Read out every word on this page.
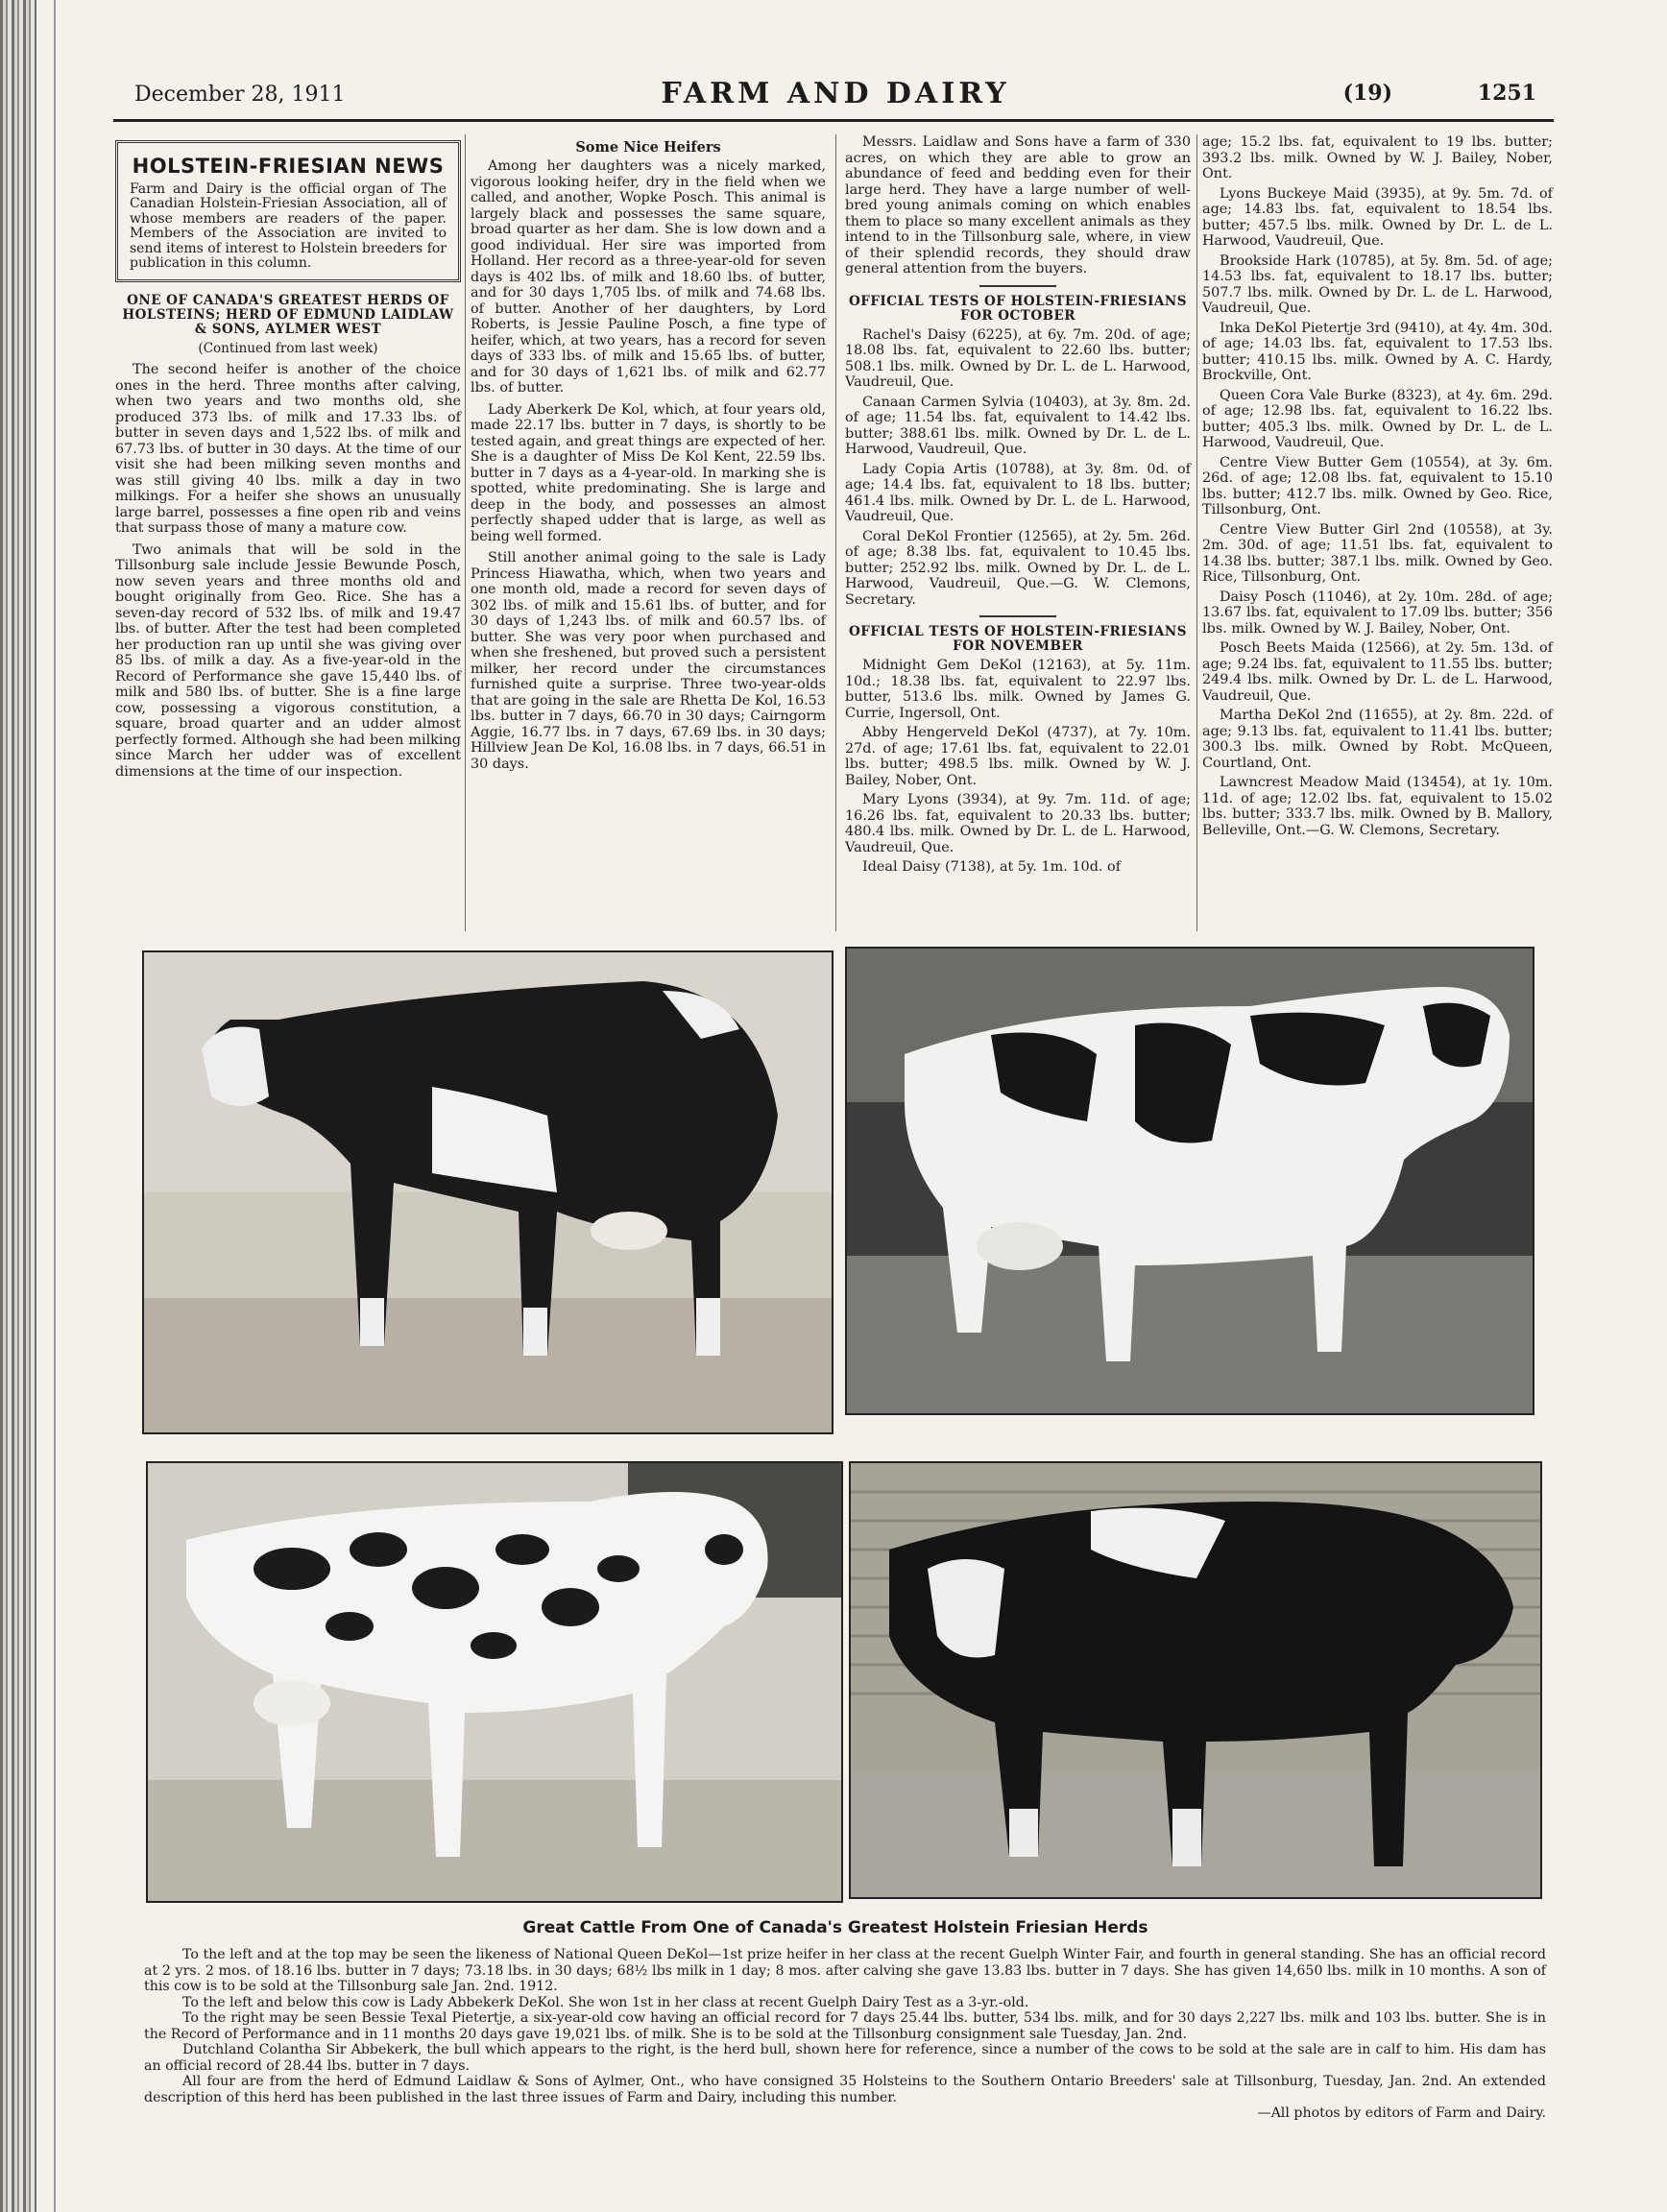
December 28, 1911	FARM AND DAIRY	(19)	1251
HOLSTEIN-FRIESIAN NEWS
Farm and Dairy is the official organ of The Canadian Holstein-Friesian Association, all of whose members are readers of the paper. Members of the Association are invited to send items of interest to Holstein breeders for publication in this column.
ONE OF CANADA'S GREATEST HERDS OF HOLSTEINS; HERD OF EDMUND LAIDLAW & SONS, AYLMER WEST
(Continued from last week)

The second heifer is another of the choice ones in the herd. Three months after calving, when two years and two months old, she produced 373 lbs. of milk and 17.33 lbs. of butter in seven days and 1,522 lbs. of milk and 67.73 lbs. of butter in 30 days. At the time of our visit she had been milking seven months and was still giving 40 lbs. milk a day in two milkings. For a heifer she shows an unusually large barrel, possesses a fine open rib and veins that surpass those of many a mature cow.

Two animals that will be sold in the Tillsonburg sale include Jessie Bewunde Posch, now seven years and three months old and bought originally from Geo. Rice. She has a seven-day record of 532 lbs. of milk and 19.47 lbs. of butter. After the test had been completed her production ran up until she was giving over 85 lbs. of milk a day. As a five-year-old in the Record of Performance she gave 15,440 lbs. of milk and 580 lbs. of butter. She is a fine large cow, possessing a vigorous constitution, a square, broad quarter and an udder almost perfectly formed. Although she had been milking since March her udder was of excellent dimensions at the time of our inspection.

Some Nice Heifers

Among her daughters was a nicely marked, vigorous looking heifer, dry in the field when we called, and another, Wopke Posch. This animal is largely black and possesses the same square, broad quarter as her dam. She is low down and a good individual. Her sire was imported from Holland. Her record as a three-year-old for seven days is 402 lbs. of milk and 18.60 lbs. of butter, and for 30 days 1,705 lbs. of milk and 74.68 lbs. of butter. Another of her daughters, by Lord Roberts, is Jessie Pauline Posch, a fine type of heifer, which, at two years, has a record for seven days of 333 lbs. of milk and 15.65 lbs. of butter, and for 30 days of 1,621 lbs. of milk and 62.77 lbs. of butter.

Lady Aberkerk De Kol, which, at four years old, made 22.17 lbs. butter in 7 days, is shortly to be tested again, and great things are expected of her. She is a daughter of Miss De Kol Kent, 22.59 lbs. butter in 7 days as a 4-year-old. In marking she is spotted, white predominating. She is large and deep in the body, and possesses an almost perfectly shaped udder that is large, as well as being well formed.

Still another animal going to the sale is Lady Princess Hiawatha, which, when two years and one month old, made a record for seven days of 302 lbs. of milk and 15.61 lbs. of butter, and for 30 days of 1,243 lbs. of milk and 60.57 lbs. of butter. She was very poor when purchased and when she freshened, but proved such a persistent milker, her record under the circumstances furnished quite a surprise. Three two-year-olds that are going in the sale are Rhetta De Kol, 16.53 lbs. butter in 7 days, 66.70 in 30 days; Cairngorm Aggie, 16.77 lbs. in 7 days, 67.69 lbs. in 30 days; Hillview Jean De Kol, 16.08 lbs. in 7 days, 66.51 in 30 days.

Messrs. Laidlaw and Sons have a farm of 330 acres, on which they are able to grow an abundance of feed and bedding even for their large herd. They have a large number of well-bred young animals coming on which enables them to place so many excellent animals as they intend to in the Tillsonburg sale, where, in view of their splendid records, they should draw general attention from the buyers.

OFFICIAL TESTS OF HOLSTEIN-FRIESIANS FOR OCTOBER

Rachel's Daisy (6225), at 6y. 7m. 20d. of age; 18.08 lbs. fat, equivalent to 22.60 lbs. butter; 508.1 lbs. milk. Owned by Dr. L. de L. Harwood, Vaudreuil, Que.

Canaan Carmen Sylvia (10403), at 3y. 8m. 2d. of age; 11.54 lbs. fat, equivalent to 14.42 lbs. butter; 388.61 lbs. milk. Owned by Dr. L. de L. Harwood, Vaudreuil, Que.

Lady Copia Artis (10788), at 3y. 8m. 0d. of age; 14.4 lbs. fat, equivalent to 18 lbs. butter; 461.4 lbs. milk. Owned by Dr. L. de L. Harwood, Vaudreuil, Que.

Coral DeKol Frontier (12565), at 2y. 5m. 26d. of age; 8.38 lbs. fat, equivalent to 10.45 lbs. butter; 252.92 lbs. milk. Owned by Dr. L. de L. Harwood, Vaudreuil, Que.—G. W. Clemons, Secretary.

OFFICIAL TESTS OF HOLSTEIN-FRIESIANS FOR NOVEMBER

Midnight Gem DeKol (12163), at 5y. 11m. 10d.; 18.38 lbs. fat, equivalent to 22.97 lbs. butter, 513.6 lbs. milk. Owned by James G. Currie, Ingersoll, Ont.

Abby Hengerveld DeKol (4737), at 7y. 10m. 27d. of age; 17.61 lbs. fat, equivalent to 22.01 lbs. butter; 498.5 lbs. milk. Owned by W. J. Bailey, Nober, Ont.

Mary Lyons (3934), at 9y. 7m. 11d. of age; 16.26 lbs. fat, equivalent to 20.33 lbs. butter; 480.4 lbs. milk. Owned by Dr. L. de L. Harwood, Vaudreuil, Que.

Ideal Daisy (7138), at 5y. 1m. 10d. of

age; 15.2 lbs. fat, equivalent to 19 lbs. butter; 393.2 lbs. milk. Owned by W. J. Bailey, Nober, Ont.

Lyons Buckeye Maid (3935), at 9y. 5m. 7d. of age; 14.83 lbs. fat, equivalent to 18.54 lbs. butter; 457.5 lbs. milk. Owned by Dr. L. de L. Harwood, Vaudreuil, Que.

Brookside Hark (10785), at 5y. 8m. 5d. of age; 14.53 lbs. fat, equivalent to 18.17 lbs. butter; 507.7 lbs. milk. Owned by Dr. L. de L. Harwood, Vaudreuil, Que.

Inka DeKol Pietertje 3rd (9410), at 4y. 4m. 30d. of age; 14.03 lbs. fat, equivalent to 17.53 lbs. butter; 410.15 lbs. milk. Owned by A. C. Hardy, Brockville, Ont.

Queen Cora Vale Burke (8323), at 4y. 6m. 29d. of age; 12.98 lbs. fat, equivalent to 16.22 lbs. butter; 405.3 lbs. milk. Owned by Dr. L. de L. Harwood, Vaudreuil, Que.

Centre View Butter Gem (10554), at 3y. 6m. 26d. of age; 12.08 lbs. fat, equivalent to 15.10 lbs. butter; 412.7 lbs. milk. Owned by Geo. Rice, Tillsonburg, Ont.

Centre View Butter Girl 2nd (10558), at 3y. 2m. 30d. of age; 11.51 lbs. fat, equivalent to 14.38 lbs. butter; 387.1 lbs. milk. Owned by Geo. Rice, Tillsonburg, Ont.

Daisy Posch (11046), at 2y. 10m. 28d. of age; 13.67 lbs. fat, equivalent to 17.09 lbs. butter; 356 lbs. milk. Owned by W. J. Bailey, Nober, Ont.

Posch Beets Maida (12566), at 2y. 5m. 13d. of age; 9.24 lbs. fat, equivalent to 11.55 lbs. butter; 249.4 lbs. milk. Owned by Dr. L. de L. Harwood, Vaudreuil, Que.

Martha DeKol 2nd (11655), at 2y. 8m. 22d. of age; 9.13 lbs. fat, equivalent to 11.41 lbs. butter; 300.3 lbs. milk. Owned by Robt. McQueen, Courtland, Ont.

Lawncrest Meadow Maid (13454), at 1y. 10m. 11d. of age; 12.02 lbs. fat, equivalent to 15.02 lbs. butter; 333.7 lbs. milk. Owned by B. Mallory, Belleville, Ont.—G. W. Clemons, Secretary.

Great Cattle From One of Canada's Greatest Holstein Friesian Herds

To the left and at the top may be seen the likeness of National Queen DeKol—1st prize heifer in her class at the recent Guelph Winter Fair, and fourth in general standing. She has an official record at 2 yrs. 2 mos. of 18.16 lbs. butter in 7 days; 73.18 lbs. in 30 days; 68½ lbs milk in 1 day; 8 mos. after calving she gave 13.83 lbs. butter in 7 days. She has given 14,650 lbs. milk in 10 months. A son of this cow is to be sold at the Tillsonburg sale Jan. 2nd. 1912.

To the left and below this cow is Lady Abbekerk DeKol. She won 1st in her class at recent Guelph Dairy Test as a 3-yr.-old.

To the right may be seen Bessie Texal Pietertje, a six-year-old cow having an official record for 7 days 25.44 lbs. butter, 534 lbs. milk, and for 30 days 2,227 lbs. milk and 103 lbs. butter. She is in the Record of Performance and in 11 months 20 days gave 19,021 lbs. of milk. She is to be sold at the Tillsonburg consignment sale Tuesday, Jan. 2nd.

Dutchland Colantha Sir Abbekerk, the bull which appears to the right, is the herd bull, shown here for reference, since a number of the cows to be sold at the sale are in calf to him. His dam has an official record of 28.44 lbs. butter in 7 days.

All four are from the herd of Edmund Laidlaw & Sons of Aylmer, Ont., who have consigned 35 Holsteins to the Southern Ontario Breeders' sale at Tillsonburg, Tuesday, Jan. 2nd. An extended description of this herd has been published in the last three issues of Farm and Dairy, including this number.

—All photos by editors of Farm and Dairy.
